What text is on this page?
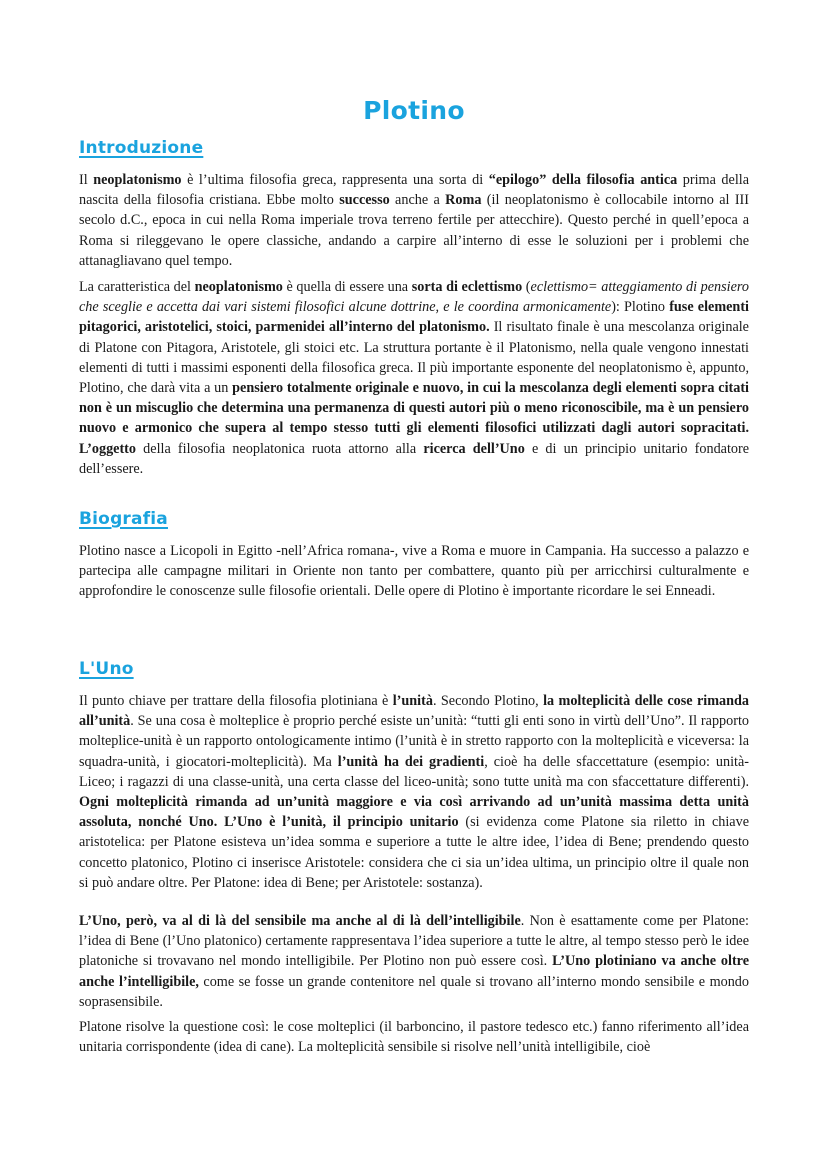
Plotino
Introduzione

Il neoplatonismo è l’ultima filosofia greca, rappresenta una sorta di “epilogo” della filosofia antica prima della nascita della filosofia cristiana. Ebbe molto successo anche a Roma (il neoplatonismo è collocabile intorno al III secolo d.C., epoca in cui nella Roma imperiale trova terreno fertile per attecchire). Questo perché in quell’epoca a Roma si rileggevano le opere classiche, andando a carpire all’interno di esse le soluzioni per i problemi che attanagliavano quel tempo.

La caratteristica del neoplatonismo è quella di essere una sorta di eclettismo (eclettismo= atteggiamento di pensiero che sceglie e accetta dai vari sistemi filosofici alcune dottrine, e le coordina armonicamente): Plotino fuse elementi pitagorici, aristotelici, stoici, parmenidei all’interno del platonismo. Il risultato finale è una mescolanza originale di Platone con Pitagora, Aristotele, gli stoici etc. La struttura portante è il Platonismo, nella quale vengono innestati elementi di tutti i massimi esponenti della filosofica greca. Il più importante esponente del neoplatonismo è, appunto, Plotino, che darà vita a un pensiero totalmente originale e nuovo, in cui la mescolanza degli elementi sopra citati non è un miscuglio che determina una permanenza di questi autori più o meno riconoscibile, ma è un pensiero nuovo e armonico che supera al tempo stesso tutti gli elementi filosofici utilizzati dagli autori sopracitati. L’oggetto della filosofia neoplatonica ruota attorno alla ricerca dell’Uno e di un principio unitario fondatore dell’essere.

Biografia

Plotino nasce a Licopoli in Egitto -nell’Africa romana-, vive a Roma e muore in Campania. Ha successo a palazzo e partecipa alle campagne militari in Oriente non tanto per combattere, quanto più per arricchirsi culturalmente e approfondire le conoscenze sulle filosofie orientali. Delle opere di Plotino è importante ricordare le sei Enneadi.

L'Uno

Il punto chiave per trattare della filosofia plotiniana è l’unità. Secondo Plotino, la molteplicità delle cose rimanda all’unità. Se una cosa è molteplice è proprio perché esiste un’unità: “tutti gli enti sono in virtù dell’Uno”. Il rapporto molteplice-unità è un rapporto ontologicamente intimo (l’unità è in stretto rapporto con la molteplicità e viceversa: la squadra-unità, i giocatori-molteplicità). Ma l’unità ha dei gradienti, cioè ha delle sfaccettature (esempio: unità-Liceo; i ragazzi di una classe-unità, una certa classe del liceo-unità; sono tutte unità ma con sfaccettature differenti). Ogni molteplicità rimanda ad un’unità maggiore e via così arrivando ad un’unità massima detta unità assoluta, nonché Uno. L’Uno è l’unità, il principio unitario (si evidenza come Platone sia riletto in chiave aristotelica: per Platone esisteva un’idea somma e superiore a tutte le altre idee, l’idea di Bene; prendendo questo concetto platonico, Plotino ci inserisce Aristotele: considera che ci sia un’idea ultima, un principio oltre il quale non si può andare oltre. Per Platone: idea di Bene; per Aristotele: sostanza).

L’Uno, però, va al di là del sensibile ma anche al di là dell’intelligibile. Non è esattamente come per Platone: l’idea di Bene (l’Uno platonico) certamente rappresentava l’idea superiore a tutte le altre, al tempo stesso però le idee platoniche si trovavano nel mondo intelligibile. Per Plotino non può essere così. L’Uno plotiniano va anche oltre anche l’intelligibile, come se fosse un grande contenitore nel quale si trovano all’interno mondo sensibile e mondo soprasensibile.

Platone risolve la questione così: le cose molteplici (il barboncino, il pastore tedesco etc.) fanno riferimento all’idea unitaria corrispondente (idea di cane). La molteplicità sensibile si risolve nell’unità intelligibile, cioè
